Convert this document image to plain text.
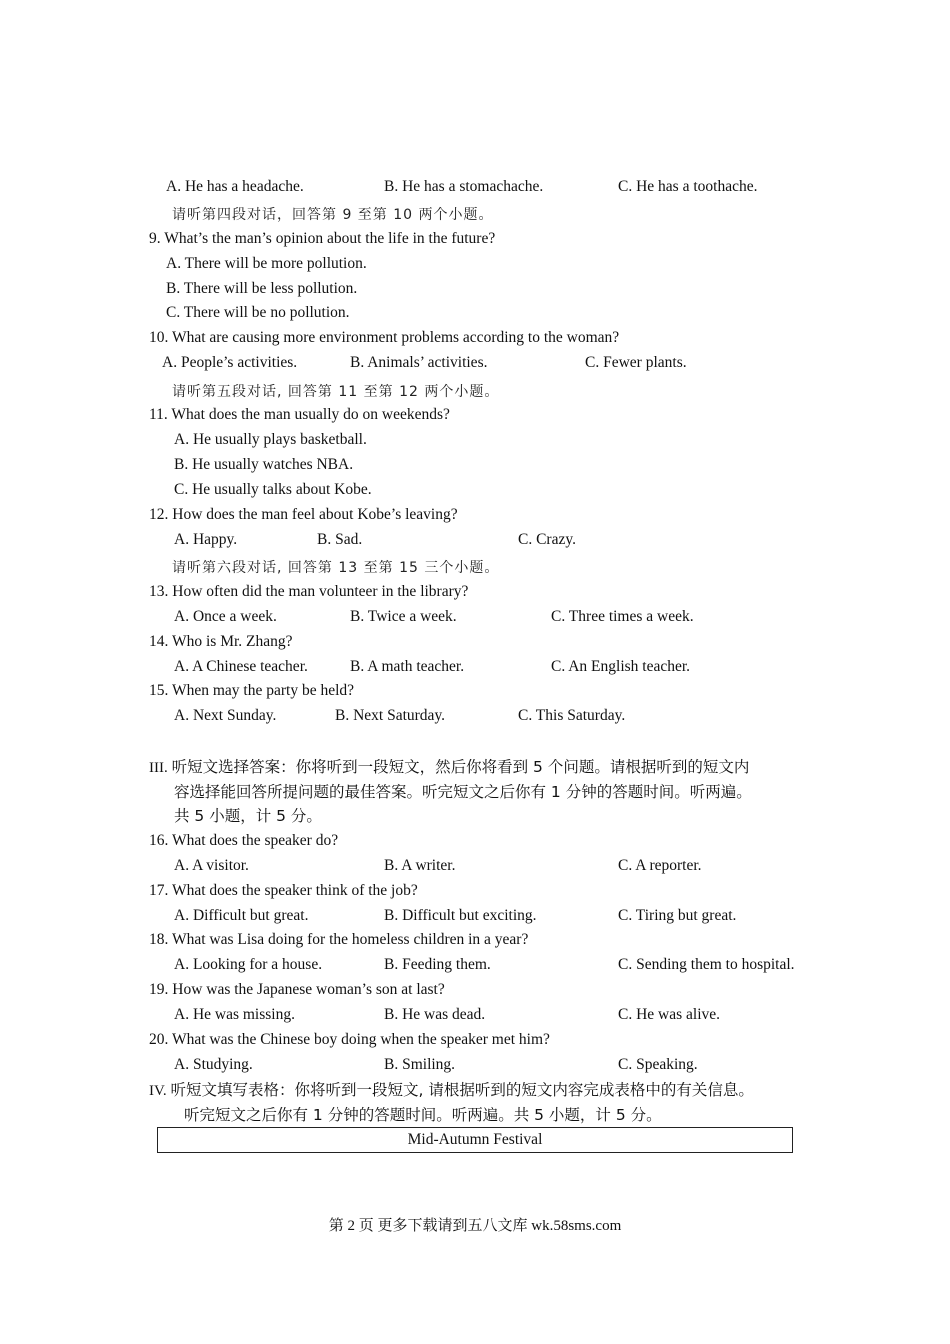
A. He has a headache.	B. He has a stomachache.	C. He has a toothache.
请听第四段对话，回答第 9 至第 10 两个小题。
9. What’s the man’s opinion about the life in the future?
A. There will be more pollution.
B. There will be less pollution.
C. There will be no pollution.
10. What are causing more environment problems according to the woman?
A. People’s activities.	B. Animals’ activities.	C. Fewer plants.
请听第五段对话, 回答第 11 至第 12 两个小题。
11. What does the man usually do on weekends?
A. He usually plays basketball.
B. He usually watches NBA.
C. He usually talks about Kobe.
12. How does the man feel about Kobe’s leaving?
A. Happy.	B. Sad.	C. Crazy.
请听第六段对话, 回答第 13 至第 15 三个小题。
13. How often did the man volunteer in the library?
A. Once a week.	B. Twice a week.	C. Three times a week.
14. Who is Mr. Zhang?
A. A Chinese teacher.	B. A math teacher.	C. An English teacher.
15. When may the party be held?
A. Next Sunday.	B. Next Saturday.	C. This Saturday.
III. 听短文选择答案：你将听到一段短文，然后你将看到 5 个问题。请根据听到的短文内
容选择能回答所提问题的最佳答案。听完短文之后你有 1 分钟的答题时间。听两遍。
共 5 小题，计 5 分。
16. What does the speaker do?
A. A visitor.	B. A writer.	C. A reporter.
17. What does the speaker think of the job?
A. Difficult but great.	B. Difficult but exciting.	C. Tiring but great.
18. What was Lisa doing for the homeless children in a year?
A. Looking for a house.	B. Feeding them.	C. Sending them to hospital.
19. How was the Japanese woman’s son at last?
A. He was missing.	B. He was dead.	C. He was alive.
20. What was the Chinese boy doing when the speaker met him?
A. Studying.	B. Smiling.	C. Speaking.
IV. 听短文填写表格：你将听到一段短文, 请根据听到的短文内容完成表格中的有关信息。
听完短文之后你有 1 分钟的答题时间。听两遍。共 5 小题，计 5 分。
Mid-Autumn Festival
第 2 页 更多下载请到五八文库 wk.58sms.com
